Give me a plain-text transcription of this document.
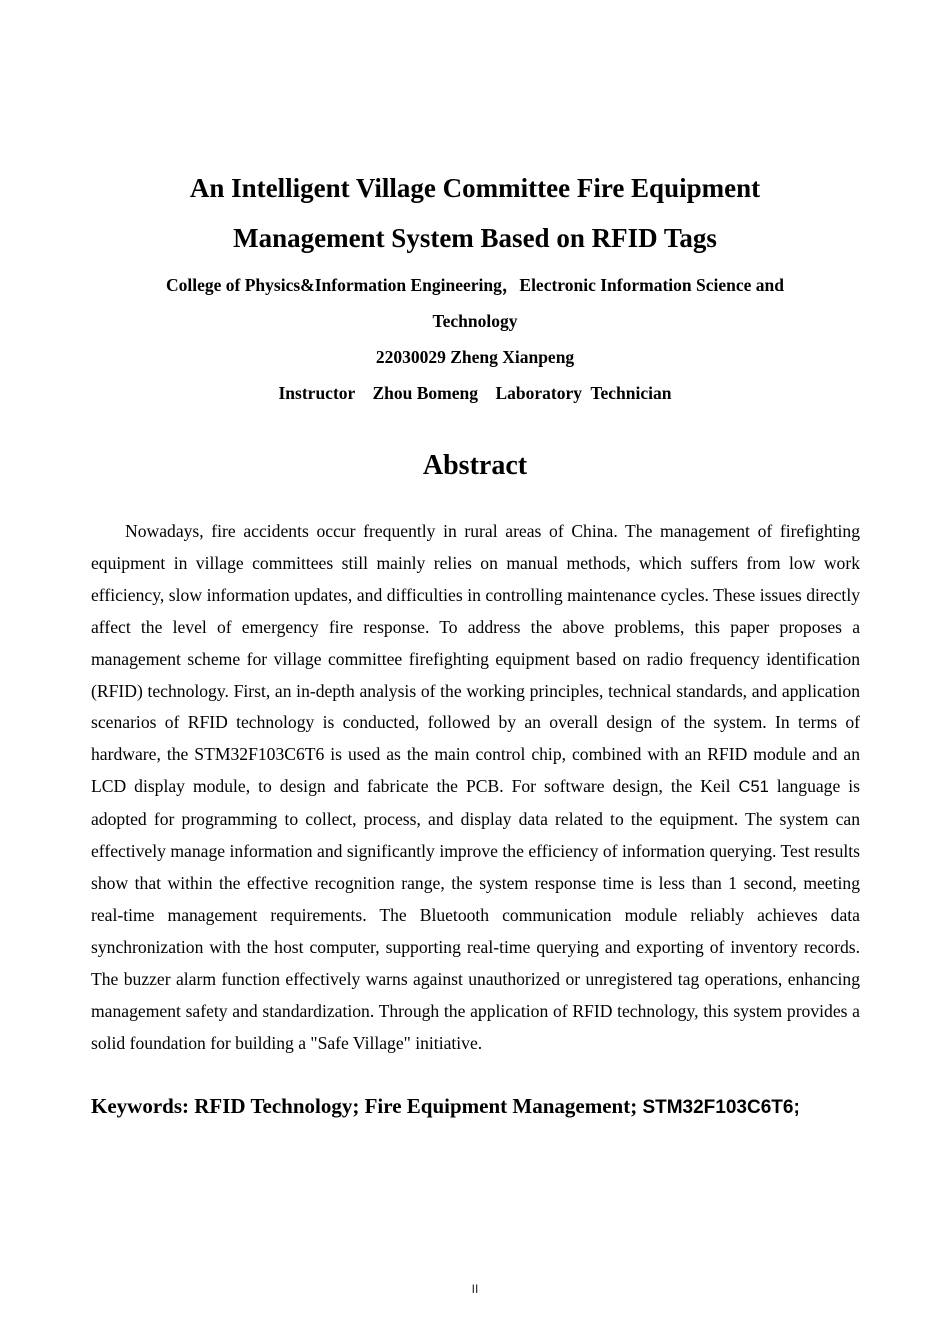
An Intelligent Village Committee Fire Equipment
Management System Based on RFID Tags
College of Physics&Information Engineering，Electronic Information Science and
Technology
22030029 Zheng Xianpeng
Instructor    Zhou Bomeng    Laboratory  Technician
Abstract

Nowadays, fire accidents occur frequently in rural areas of China. The management of firefighting equipment in village committees still mainly relies on manual methods, which suffers from low work efficiency, slow information updates, and difficulties in controlling maintenance cycles. These issues directly affect the level of emergency fire response. To address the above problems, this paper proposes a management scheme for village committee firefighting equipment based on radio frequency identification (RFID) technology. First, an in-depth analysis of the working principles, technical standards, and application scenarios of RFID technology is conducted, followed by an overall design of the system. In terms of hardware, the STM32F103C6T6 is used as the main control chip, combined with an RFID module and an LCD display module, to design and fabricate the PCB. For software design, the Keil C51 language is adopted for programming to collect, process, and display data related to the equipment. The system can effectively manage information and significantly improve the efficiency of information querying. Test results show that within the effective recognition range, the system response time is less than 1 second, meeting real-time management requirements. The Bluetooth communication module reliably achieves data synchronization with the host computer, supporting real-time querying and exporting of inventory records. The buzzer alarm function effectively warns against unauthorized or unregistered tag operations, enhancing management safety and standardization. Through the application of RFID technology, this system provides a solid foundation for building a "Safe Village" initiative.

Keywords: RFID Technology; Fire Equipment Management; STM32F103C6T6;
II
